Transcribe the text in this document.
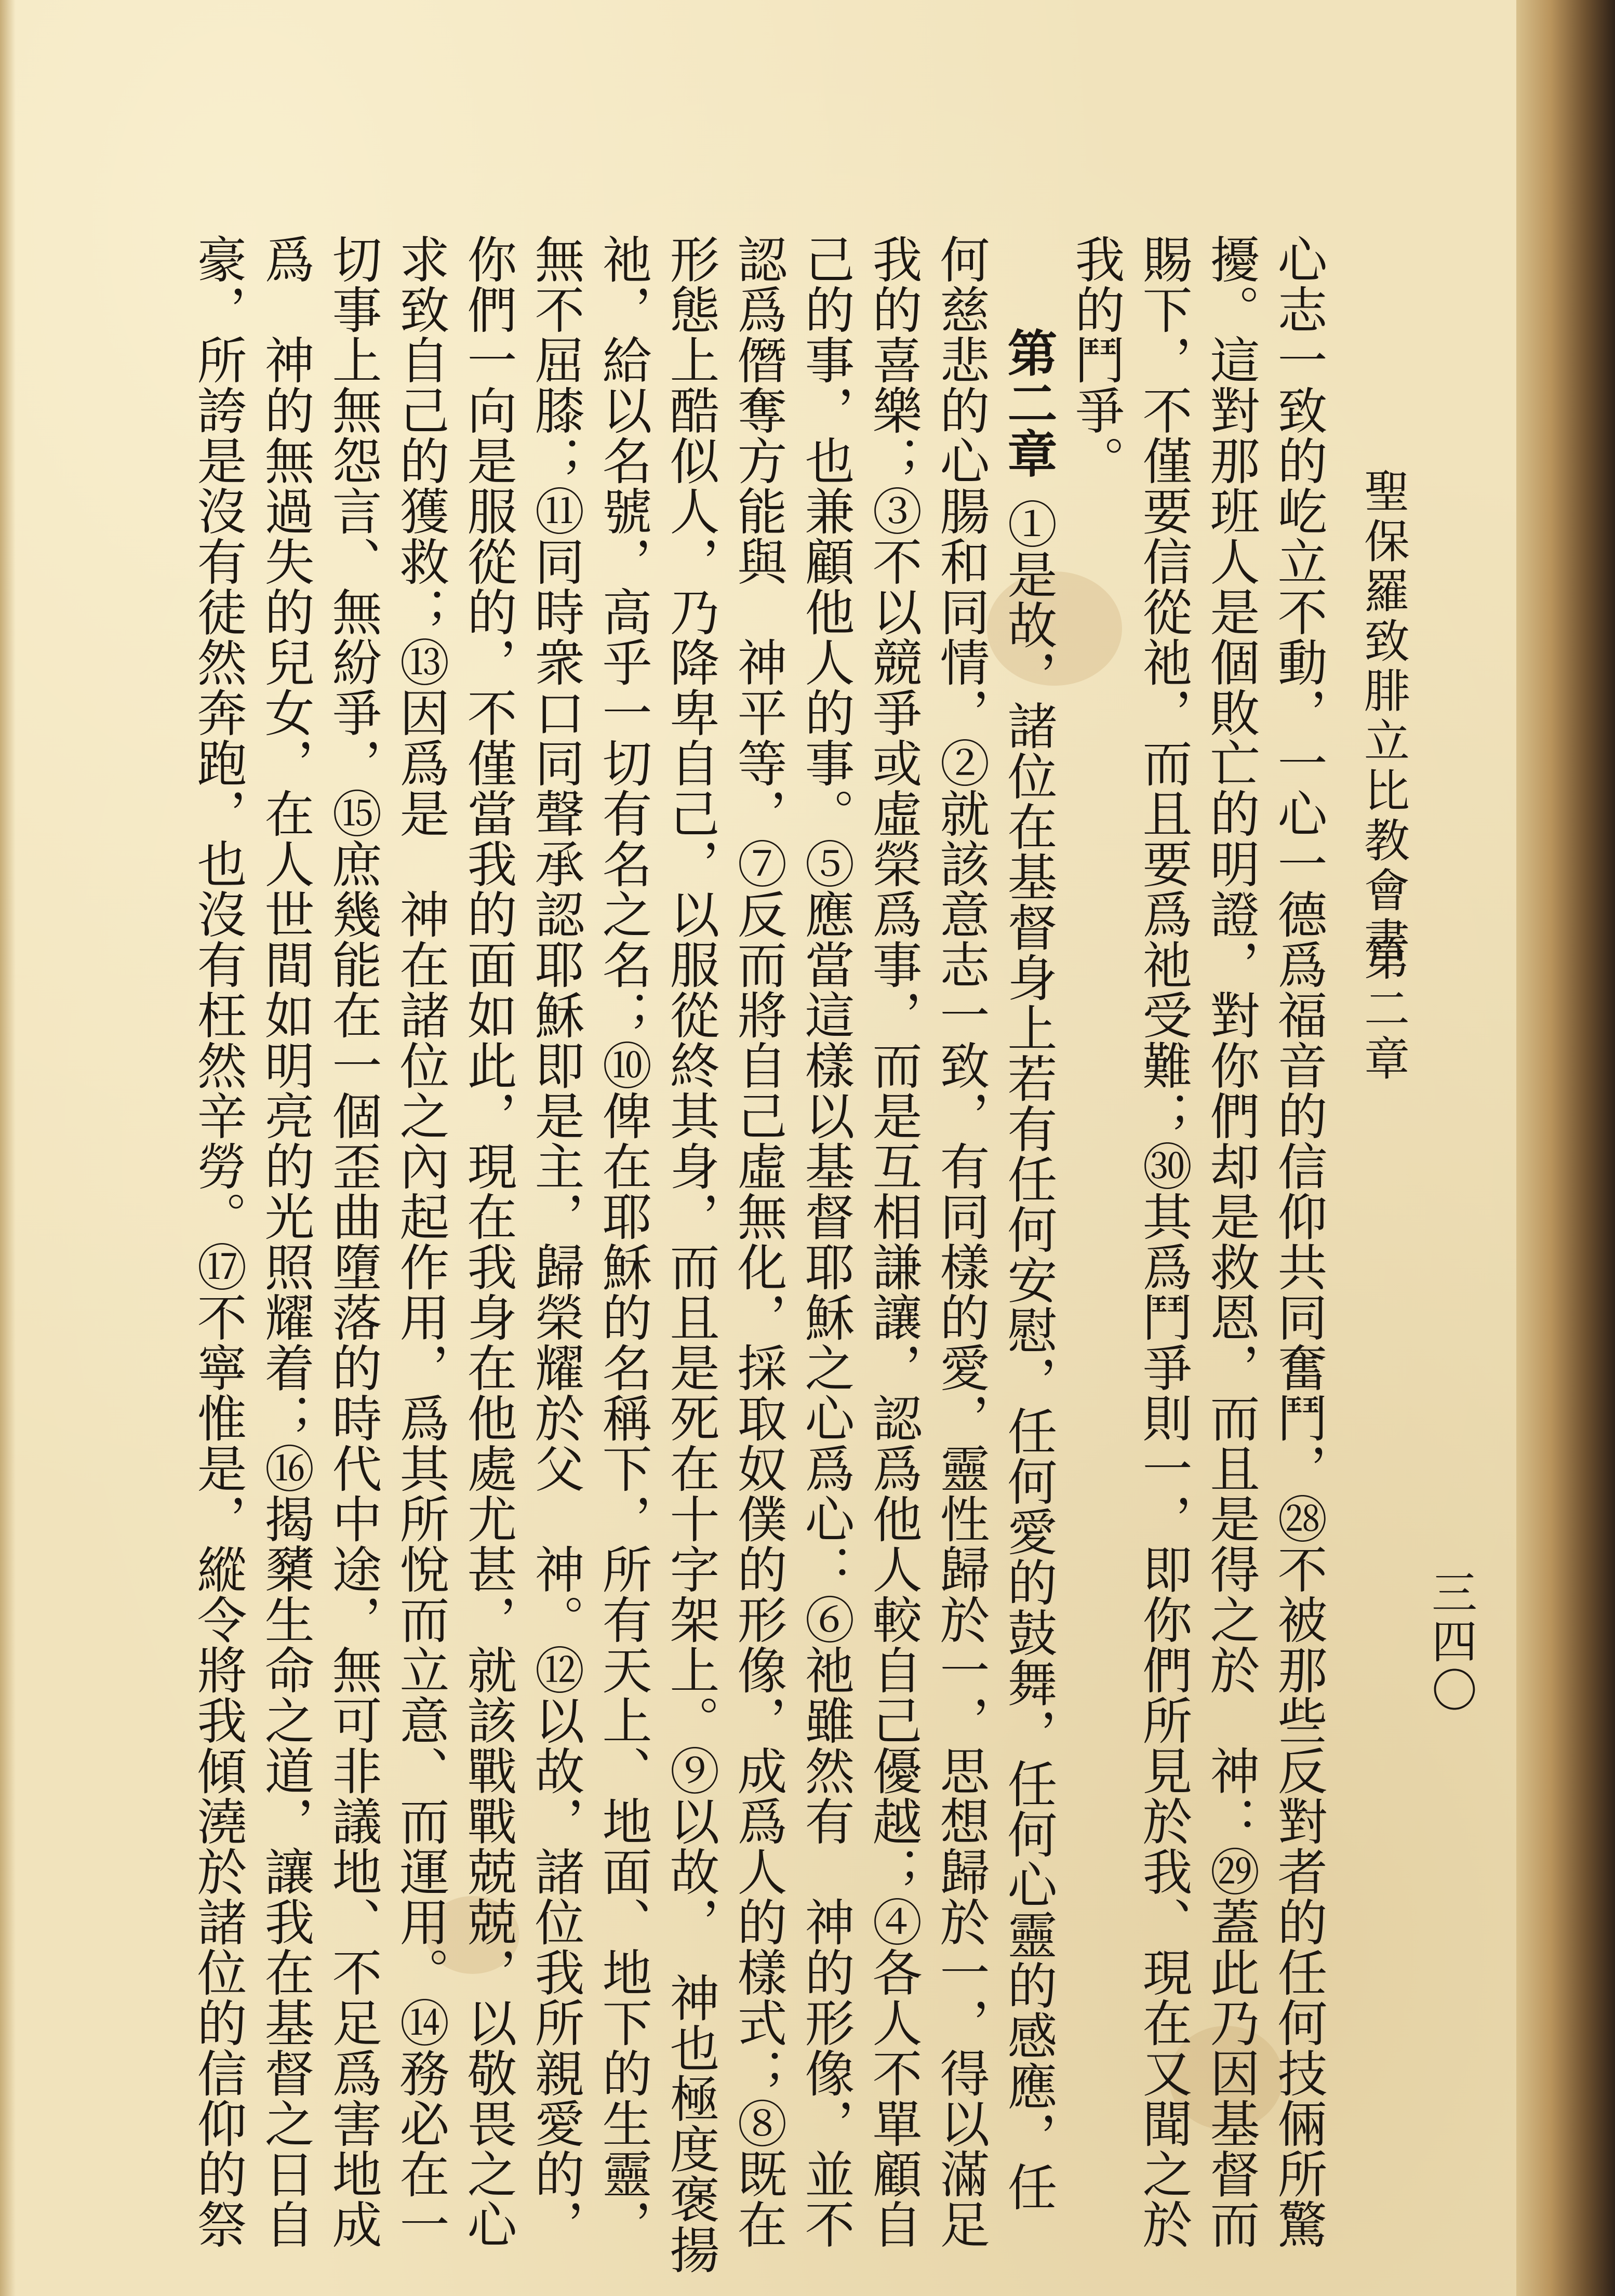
聖保羅致腓立比教會書
第二章
三四〇
心志一致的屹立不動，一心一德爲福音的信仰共同奮鬥，㉘不被那些反對者的任何技倆所驚
擾。這對那班人是個敗亡的明證，對你們却是救恩，而且是得之於　神：㉙蓋此乃因基督而
賜下，不僅要信從祂，而且要爲祂受難；㉚其爲鬥爭則一，即你們所見於我、現在又聞之於
我的鬥爭。
第二章
①是故，諸位在基督身上若有任何安慰，任何愛的鼓舞，任何心靈的感應，任
何慈悲的心腸和同情，②就該意志一致，有同樣的愛，靈性歸於一，思想歸於一，得以滿足
我的喜樂；③不以競爭或虛榮爲事，而是互相謙讓，認爲他人較自己優越；④各人不單顧自
己的事，也兼顧他人的事。⑤應當這樣以基督耶穌之心爲心：⑥祂雖然有　神的形像，並不
認爲僭奪方能與　神平等，⑦反而將自己虛無化，採取奴僕的形像，成爲人的樣式；⑧既在
形態上酷似人，乃降卑自己，以服從終其身，而且是死在十字架上。⑨以故，　神也極度褒揚
祂，給以名號，高乎一切有名之名；⑩俾在耶穌的名稱下，所有天上、地面、地下的生靈，
無不屈膝；⑪同時衆口同聲承認耶穌即是主，歸榮耀於父　神。⑫以故，諸位我所親愛的，
你們一向是服從的，不僅當我的面如此，現在我身在他處尤甚，就該戰戰兢兢，以敬畏之心
求致自己的獲救；⑬因爲是　神在諸位之內起作用，爲其所悅而立意、而運用。⑭務必在一
切事上無怨言、無紛爭，⑮庶幾能在一個歪曲墮落的時代中途，無可非議地、不足爲害地成
爲　神的無過失的兒女，在人世間如明亮的光照耀着；⑯揭櫫生命之道，讓我在基督之日自
豪，所誇是沒有徒然奔跑，也沒有枉然辛勞。⑰不寧惟是，縱令將我傾澆於諸位的信仰的祭
